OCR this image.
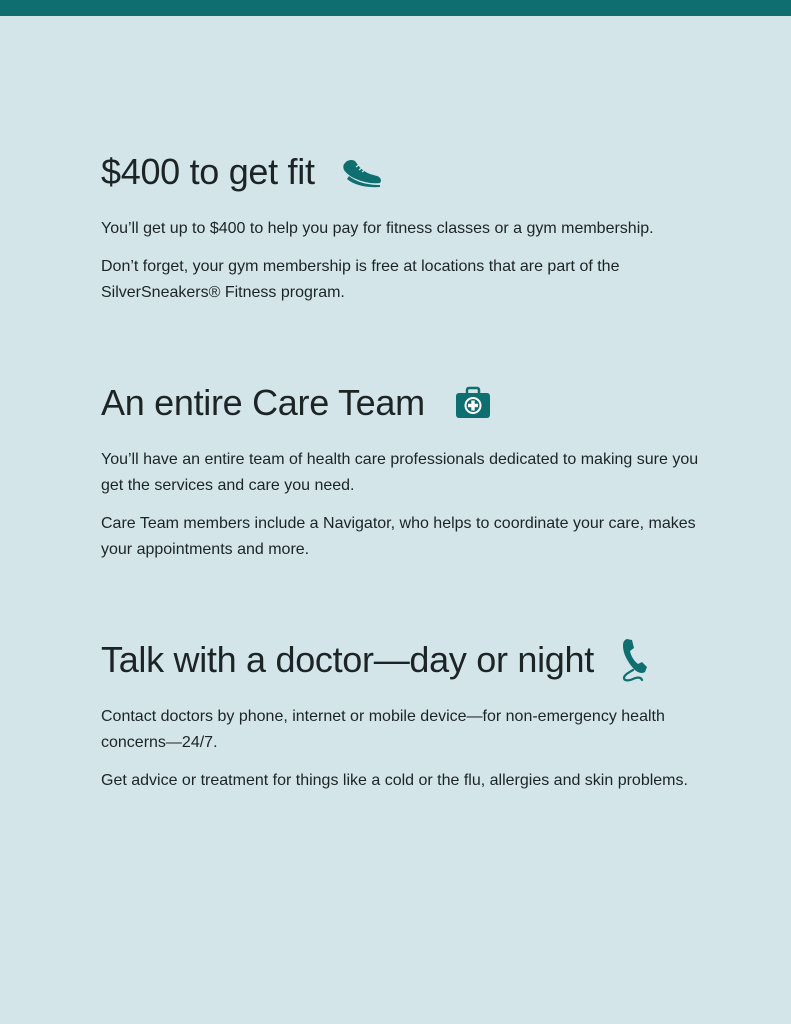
$400 to get fit

You’ll get up to $400 to help you pay for fitness classes or a gym membership.

Don’t forget, your gym membership is free at locations that are part of the SilverSneakers® Fitness program.

An entire Care Team

You’ll have an entire team of health care professionals dedicated to making sure you get the services and care you need.

Care Team members include a Navigator, who helps to coordinate your care, makes your appointments and more.

Talk with a doctor—day or night

Contact doctors by phone, internet or mobile device—for non-emergency health concerns—24/7.

Get advice or treatment for things like a cold or the flu, allergies and skin problems.
